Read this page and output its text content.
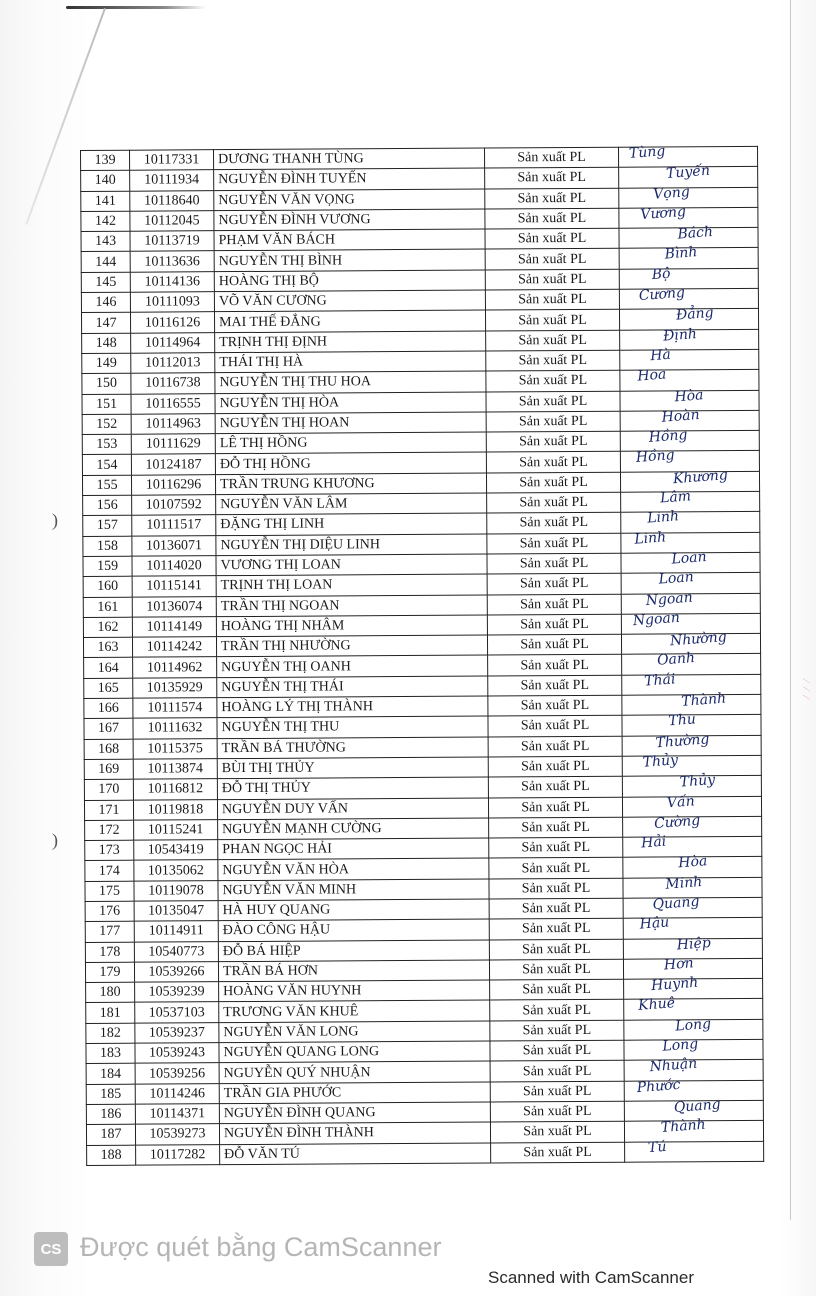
)
)
⁄ ⁄ ⁄
139	10117331	DƯƠNG THANH TÙNG	Sản xuất PL	Tùng

140	10111934	NGUYỄN ĐÌNH TUYẾN	Sản xuất PL	Tuyến

141	10118640	NGUYỄN VĂN VỌNG	Sản xuất PL	Vọng

142	10112045	NGUYỄN ĐÌNH VƯƠNG	Sản xuất PL	Vương

143	10113719	PHẠM VĂN BÁCH	Sản xuất PL	Bách

144	10113636	NGUYỄN THỊ BÌNH	Sản xuất PL	Bình

145	10114136	HOÀNG THỊ BỘ	Sản xuất PL	Bộ

146	10111093	VÕ VĂN CƯƠNG	Sản xuất PL	Cương

147	10116126	MAI THẾ ĐẲNG	Sản xuất PL	Đẳng

148	10114964	TRỊNH THỊ ĐỊNH	Sản xuất PL	Định

149	10112013	THÁI THỊ HÀ	Sản xuất PL	Hà

150	10116738	NGUYỄN THỊ THU HOA	Sản xuất PL	Hoa

151	10116555	NGUYỄN THỊ HÒA	Sản xuất PL	Hòa

152	10114963	NGUYỄN THỊ HOAN	Sản xuất PL	Hoàn

153	10111629	LÊ THỊ HỒNG	Sản xuất PL	Hồng

154	10124187	ĐỖ THỊ HỒNG	Sản xuất PL	Hồng

155	10116296	TRẦN TRUNG KHƯƠNG	Sản xuất PL	Khương

156	10107592	NGUYỄN VĂN LÂM	Sản xuất PL	Lâm

157	10111517	ĐẶNG THỊ LINH	Sản xuất PL	Linh

158	10136071	NGUYỄN THỊ DIỆU LINH	Sản xuất PL	Linh

159	10114020	VƯƠNG THỊ LOAN	Sản xuất PL	Loan

160	10115141	TRỊNH THỊ LOAN	Sản xuất PL	Loan

161	10136074	TRẦN THỊ NGOAN	Sản xuất PL	Ngoan

162	10114149	HOÀNG THỊ NHÂM	Sản xuất PL	Ngoan

163	10114242	TRẦN THỊ NHƯỜNG	Sản xuất PL	Nhường

164	10114962	NGUYỄN THỊ OANH	Sản xuất PL	Oanh

165	10135929	NGUYỄN THỊ THÁI	Sản xuất PL	Thái

166	10111574	HOÀNG LÝ THỊ THÀNH	Sản xuất PL	Thành

167	10111632	NGUYỄN THỊ THU	Sản xuất PL	Thu

168	10115375	TRẦN BÁ THƯỜNG	Sản xuất PL	Thường

169	10113874	BÙI THỊ THỦY	Sản xuất PL	Thủy

170	10116812	ĐỖ THỊ THỦY	Sản xuất PL	Thủy

171	10119818	NGUYỄN DUY VẤN	Sản xuất PL	Vấn

172	10115241	NGUYỄN MẠNH CƯỜNG	Sản xuất PL	Cường

173	10543419	PHAN NGỌC HẢI	Sản xuất PL	Hải

174	10135062	NGUYỄN VĂN HÒA	Sản xuất PL	Hòa

175	10119078	NGUYỄN VĂN MINH	Sản xuất PL	Minh

176	10135047	HÀ HUY QUANG	Sản xuất PL	Quang

177	10114911	ĐÀO CÔNG HẬU	Sản xuất PL	Hậu

178	10540773	ĐỖ BÁ HIỆP	Sản xuất PL	Hiệp

179	10539266	TRẦN BÁ HƠN	Sản xuất PL	Hơn

180	10539239	HOÀNG VĂN HUYNH	Sản xuất PL	Huynh

181	10537103	TRƯƠNG VĂN KHUÊ	Sản xuất PL	Khuê

182	10539237	NGUYỄN VĂN LONG	Sản xuất PL	Long

183	10539243	NGUYỄN QUANG LONG	Sản xuất PL	Long

184	10539256	NGUYỄN QUÝ NHUẬN	Sản xuất PL	Nhuận

185	10114246	TRẦN GIA PHƯỚC	Sản xuất PL	Phước

186	10114371	NGUYỄN ĐÌNH QUANG	Sản xuất PL	Quang

187	10539273	NGUYỄN ĐÌNH THÀNH	Sản xuất PL	Thành

188	10117282	ĐỖ VĂN TÚ	Sản xuất PL	Tú
CS Được quét bằng CamScanner
Scanned with CamScanner
